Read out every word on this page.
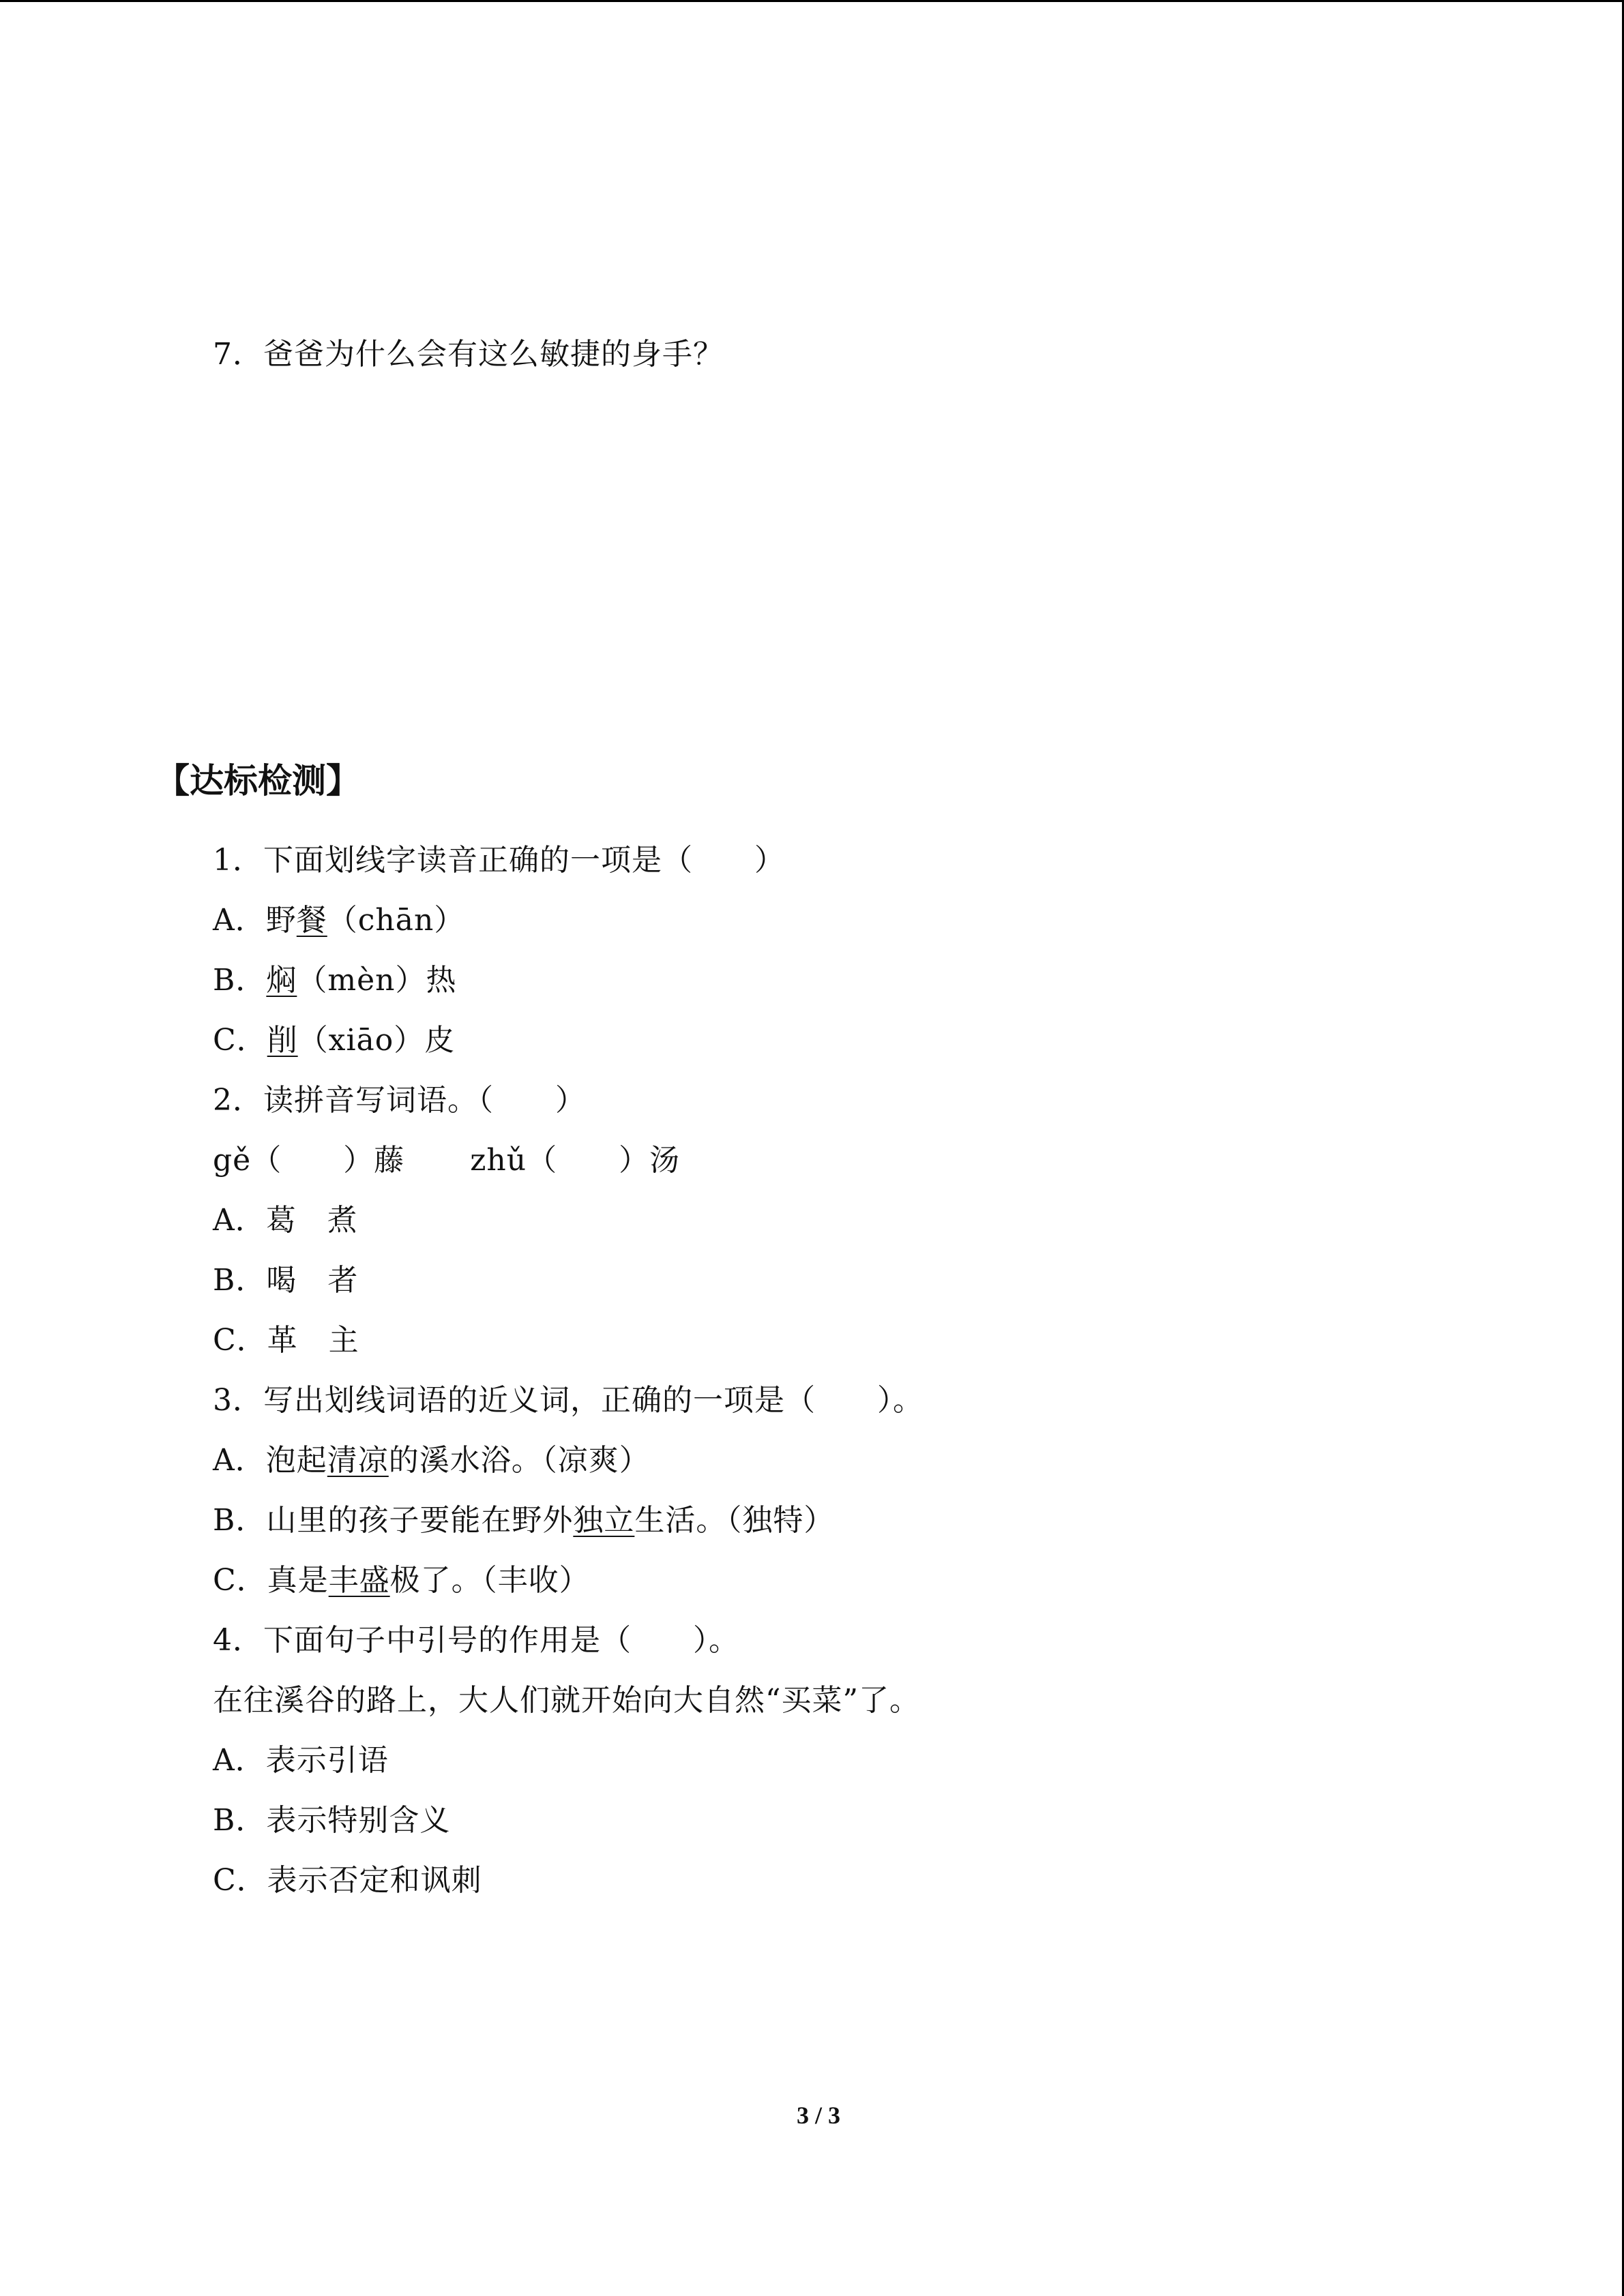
7．爸爸为什么会有这么敏捷的身手？
【达标检测】
1．下面划线字读音正确的一项是（　　）
A．野餐（chān）
B．焖（mèn）热
C．削（xiāo）皮
2．读拼音写词语。（　　）
gě（　　）藤 zhǔ（　　）汤
A．葛　煮
B．喝　者
C．革　主
3．写出划线词语的近义词，正确的一项是（　　）。
A．泡起清凉的溪水浴。（凉爽）
B．山里的孩子要能在野外独立生活。（独特）
C．真是丰盛极了。（丰收）
4．下面句子中引号的作用是（　　）。
在往溪谷的路上，大人们就开始向大自然“买菜”了。
A．表示引语
B．表示特别含义
C．表示否定和讽刺
3 / 3
